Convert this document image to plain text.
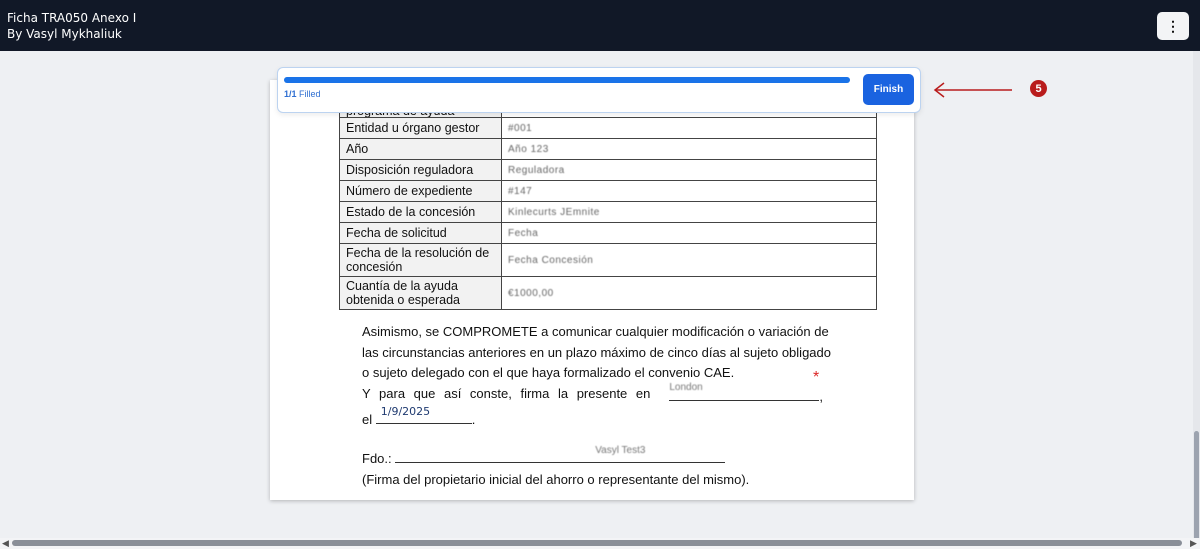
Ficha TRA050 Anexo I
By Vasyl Mykhaliuk
⋮

Entidad u órgano gestor	#001
Año	Año 123
Disposición reguladora	Reguladora
Número de expediente	#147
Estado de la concesión	Kinlecurts JEmnite
Fecha de solicitud	Fecha
Fecha de la resolución de concesión	Fecha Concesión
Cuantía de la ayuda obtenida o esperada	€1000,00
Asimismo, se COMPROMETE a comunicar cualquier modificación o variación de
las circunstancias anteriores en un plazo máximo de cinco días al sujeto obligado
o sujeto delegado con el que haya formalizado el convenio CAE.
Y para que así conste, firma la presente en London
,
el
1/9/2025
.
*
Fdo.:
Vasyl Test3
(Firma del propietario inicial del ahorro o representante del mismo).
1/1 Filled	Finish	5
◀	▶
